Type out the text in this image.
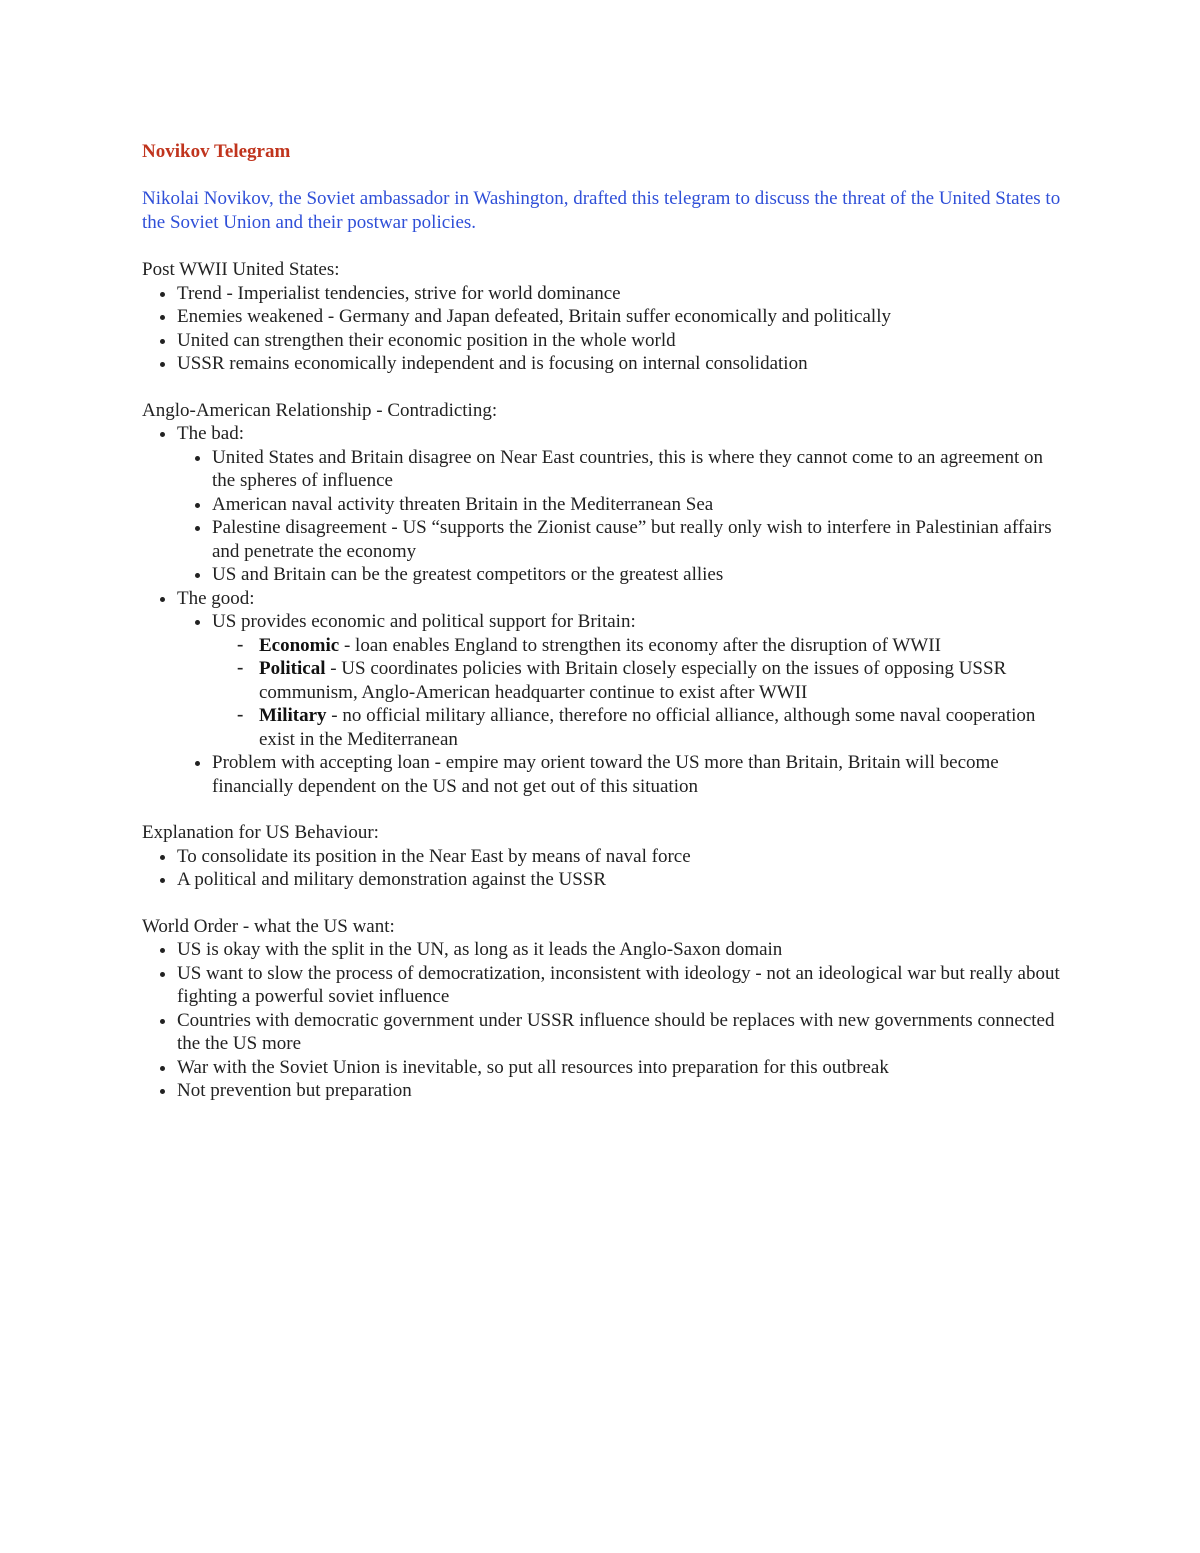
Novikov Telegram

Nikolai Novikov, the Soviet ambassador in Washington, drafted this telegram to discuss the threat of the United States to the Soviet Union and their postwar policies.

Post WWII United States:

Trend - Imperialist tendencies, strive for world dominance
Enemies weakened - Germany and Japan defeated, Britain suffer economically and politically
United can strengthen their economic position in the whole world
USSR remains economically independent and is focusing on internal consolidation

Anglo-American Relationship - Contradicting:

The bad:
United States and Britain disagree on Near East countries, this is where they cannot come to an agreement on the spheres of influence
American naval activity threaten Britain in the Mediterranean Sea
Palestine disagreement - US “supports the Zionist cause” but really only wish to interfere in Palestinian affairs and penetrate the economy
US and Britain can be the greatest competitors or the greatest allies
The good:
US provides economic and political support for Britain:
- Economic - loan enables England to strengthen its economy after the disruption of WWII
- Political - US coordinates policies with Britain closely especially on the issues of opposing USSR communism, Anglo-American headquarter continue to exist after WWII
- Military - no official military alliance, therefore no official alliance, although some naval cooperation exist in the Mediterranean
Problem with accepting loan - empire may orient toward the US more than Britain, Britain will become financially dependent on the US and not get out of this situation

Explanation for US Behaviour:

To consolidate its position in the Near East by means of naval force
A political and military demonstration against the USSR

World Order - what the US want:

US is okay with the split in the UN, as long as it leads the Anglo-Saxon domain
US want to slow the process of democratization, inconsistent with ideology - not an ideological war but really about fighting a powerful soviet influence
Countries with democratic government under USSR influence should be replaces with new governments connected the the US more
War with the Soviet Union is inevitable, so put all resources into preparation for this outbreak
Not prevention but preparation
